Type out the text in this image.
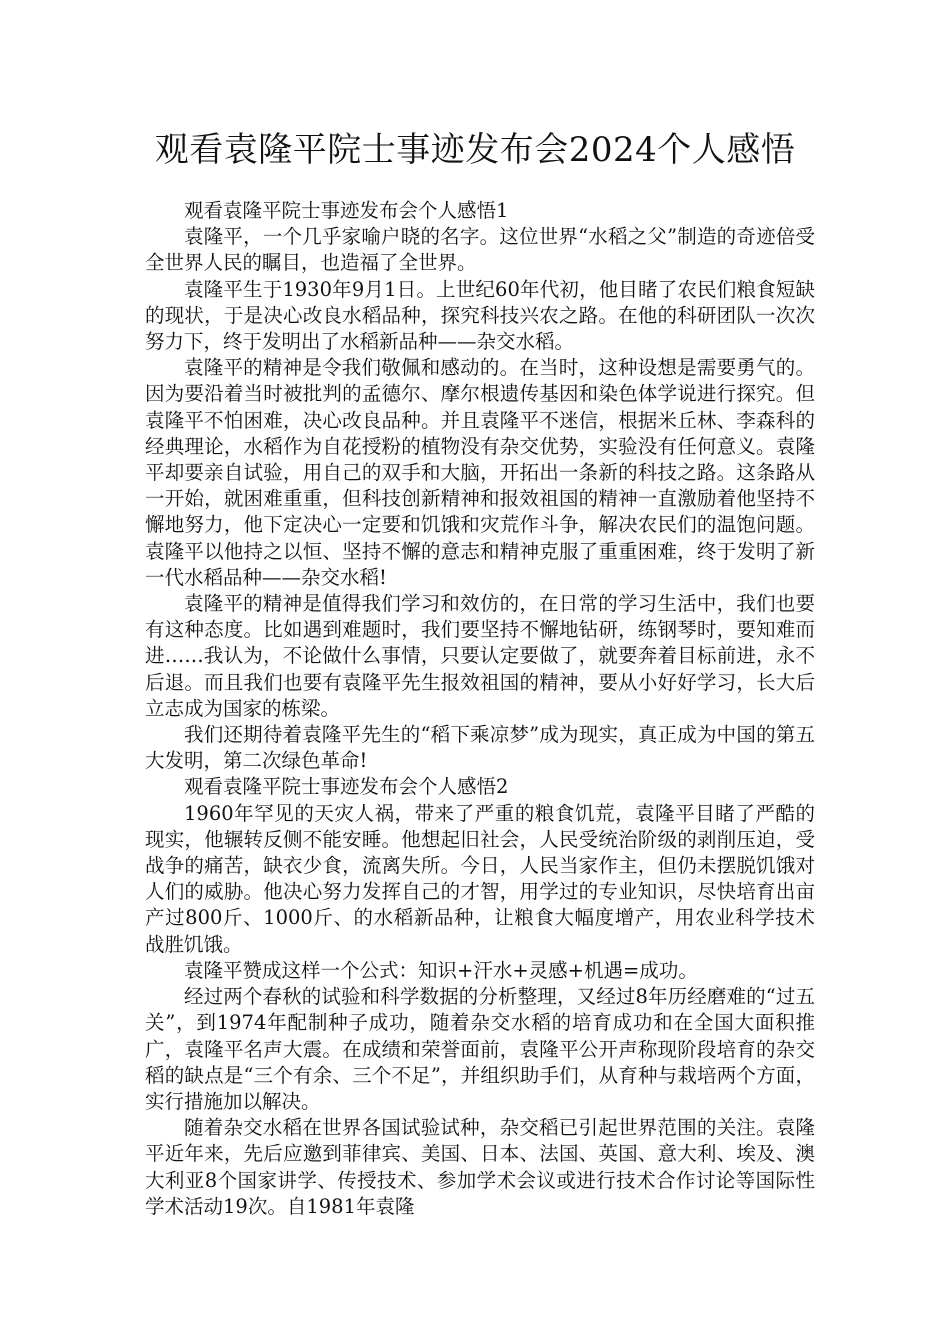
观看袁隆平院士事迹发布会2024个人感悟

观看袁隆平院士事迹发布会个人感悟1

袁隆平，一个几乎家喻户晓的名字。这位世界“水稻之父”制造的奇迹倍受全世界人民的瞩目，也造福了全世界。

袁隆平生于1930年9月1日。上世纪60年代初，他目睹了农民们粮食短缺的现状，于是决心改良水稻品种，探究科技兴农之路。在他的科研团队一次次努力下，终于发明出了水稻新品种——杂交水稻。

袁隆平的精神是令我们敬佩和感动的。在当时，这种设想是需要勇气的。因为要沿着当时被批判的孟德尔、摩尔根遗传基因和染色体学说进行探究。但袁隆平不怕困难，决心改良品种。并且袁隆平不迷信，根据米丘林、李森科的经典理论，水稻作为自花授粉的植物没有杂交优势，实验没有任何意义。袁隆平却要亲自试验，用自己的双手和大脑，开拓出一条新的科技之路。这条路从一开始，就困难重重，但科技创新精神和报效祖国的精神一直激励着他坚持不懈地努力，他下定决心一定要和饥饿和灾荒作斗争，解决农民们的温饱问题。袁隆平以他持之以恒、坚持不懈的意志和精神克服了重重困难，终于发明了新一代水稻品种——杂交水稻!

袁隆平的精神是值得我们学习和效仿的，在日常的学习生活中，我们也要有这种态度。比如遇到难题时，我们要坚持不懈地钻研，练钢琴时，要知难而进……我认为，不论做什么事情，只要认定要做了，就要奔着目标前进，永不后退。而且我们也要有袁隆平先生报效祖国的精神，要从小好好学习，长大后立志成为国家的栋梁。

我们还期待着袁隆平先生的“稻下乘凉梦”成为现实，真正成为中国的第五大发明，第二次绿色革命!

观看袁隆平院士事迹发布会个人感悟2

1960年罕见的天灾人祸，带来了严重的粮食饥荒，袁隆平目睹了严酷的现实，他辗转反侧不能安睡。他想起旧社会，人民受统治阶级的剥削压迫，受战争的痛苦，缺衣少食，流离失所。今日，人民当家作主，但仍未摆脱饥饿对人们的威胁。他决心努力发挥自己的才智，用学过的专业知识，尽快培育出亩产过800斤、1000斤、的水稻新品种，让粮食大幅度增产，用农业科学技术战胜饥饿。

袁隆平赞成这样一个公式：知识+汗水+灵感+机遇=成功。

经过两个春秋的试验和科学数据的分析整理，又经过8年历经磨难的“过五关”，到1974年配制种子成功，随着杂交水稻的培育成功和在全国大面积推广，袁隆平名声大震。在成绩和荣誉面前，袁隆平公开声称现阶段培育的杂交稻的缺点是“三个有余、三个不足”，并组织助手们，从育种与栽培两个方面，实行措施加以解决。

随着杂交水稻在世界各国试验试种，杂交稻已引起世界范围的关注。袁隆平近年来，先后应邀到菲律宾、美国、日本、法国、英国、意大利、埃及、澳大利亚8个国家讲学、传授技术、参加学术会议或进行技术合作讨论等国际性学术活动19次。自1981年袁隆
